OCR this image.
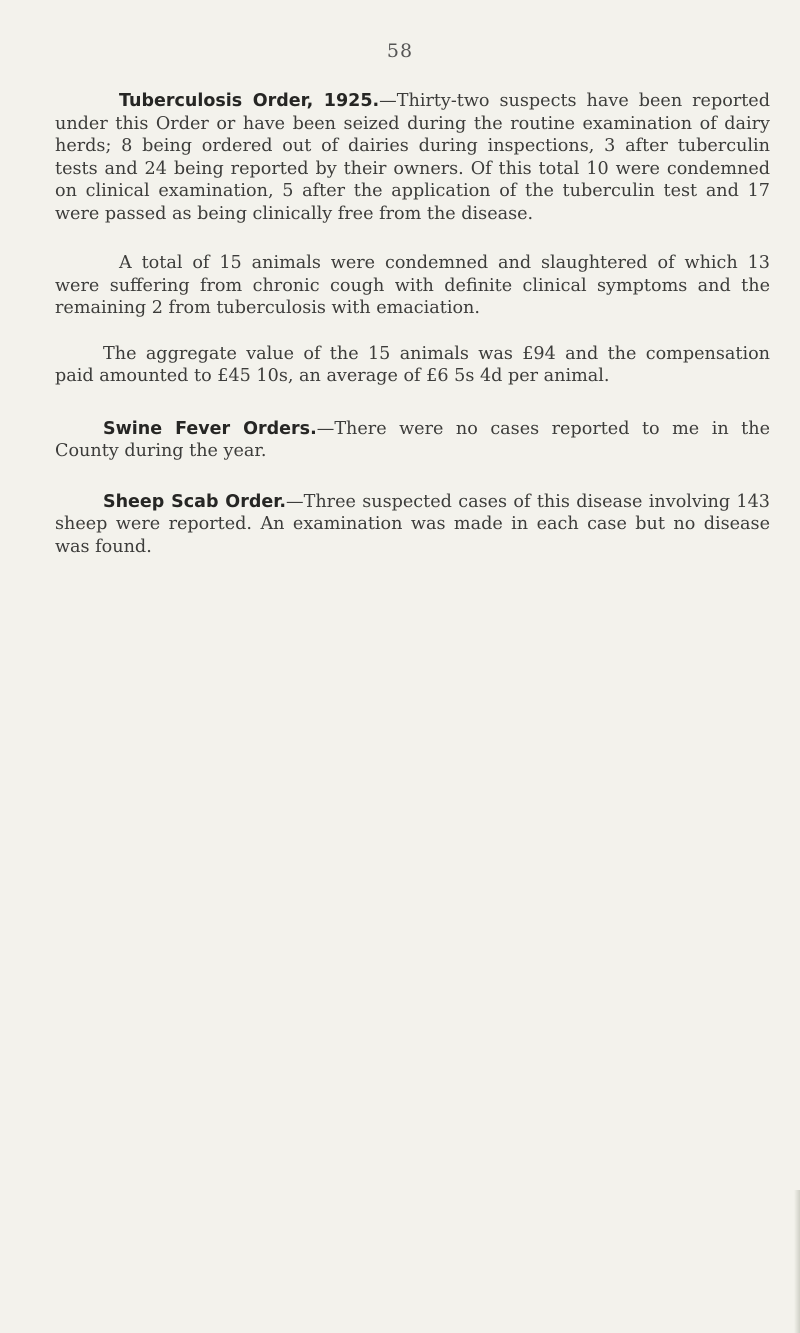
58

Tuberculosis Order, 1925.—Thirty-two suspects have been reported under this Order or have been seized during the routine examination of dairy herds; 8 being ordered out of dairies during inspections, 3 after tuberculin tests and 24 being reported by their owners. Of this total 10 were condemned on clinical examination, 5 after the application of the tuberculin test and 17 were passed as being clinically free from the disease.

A total of 15 animals were condemned and slaughtered of which 13 were suffering from chronic cough with definite clinical symptoms and the remaining 2 from tuberculosis with emaciation.

The aggregate value of the 15 animals was £94 and the compensation paid amounted to £45 10s, an average of £6 5s 4d per animal.

Swine Fever Orders.—There were no cases reported to me in the County during the year.

Sheep Scab Order.—Three suspected cases of this disease involving 143 sheep were reported. An examination was made in each case but no disease was found.
